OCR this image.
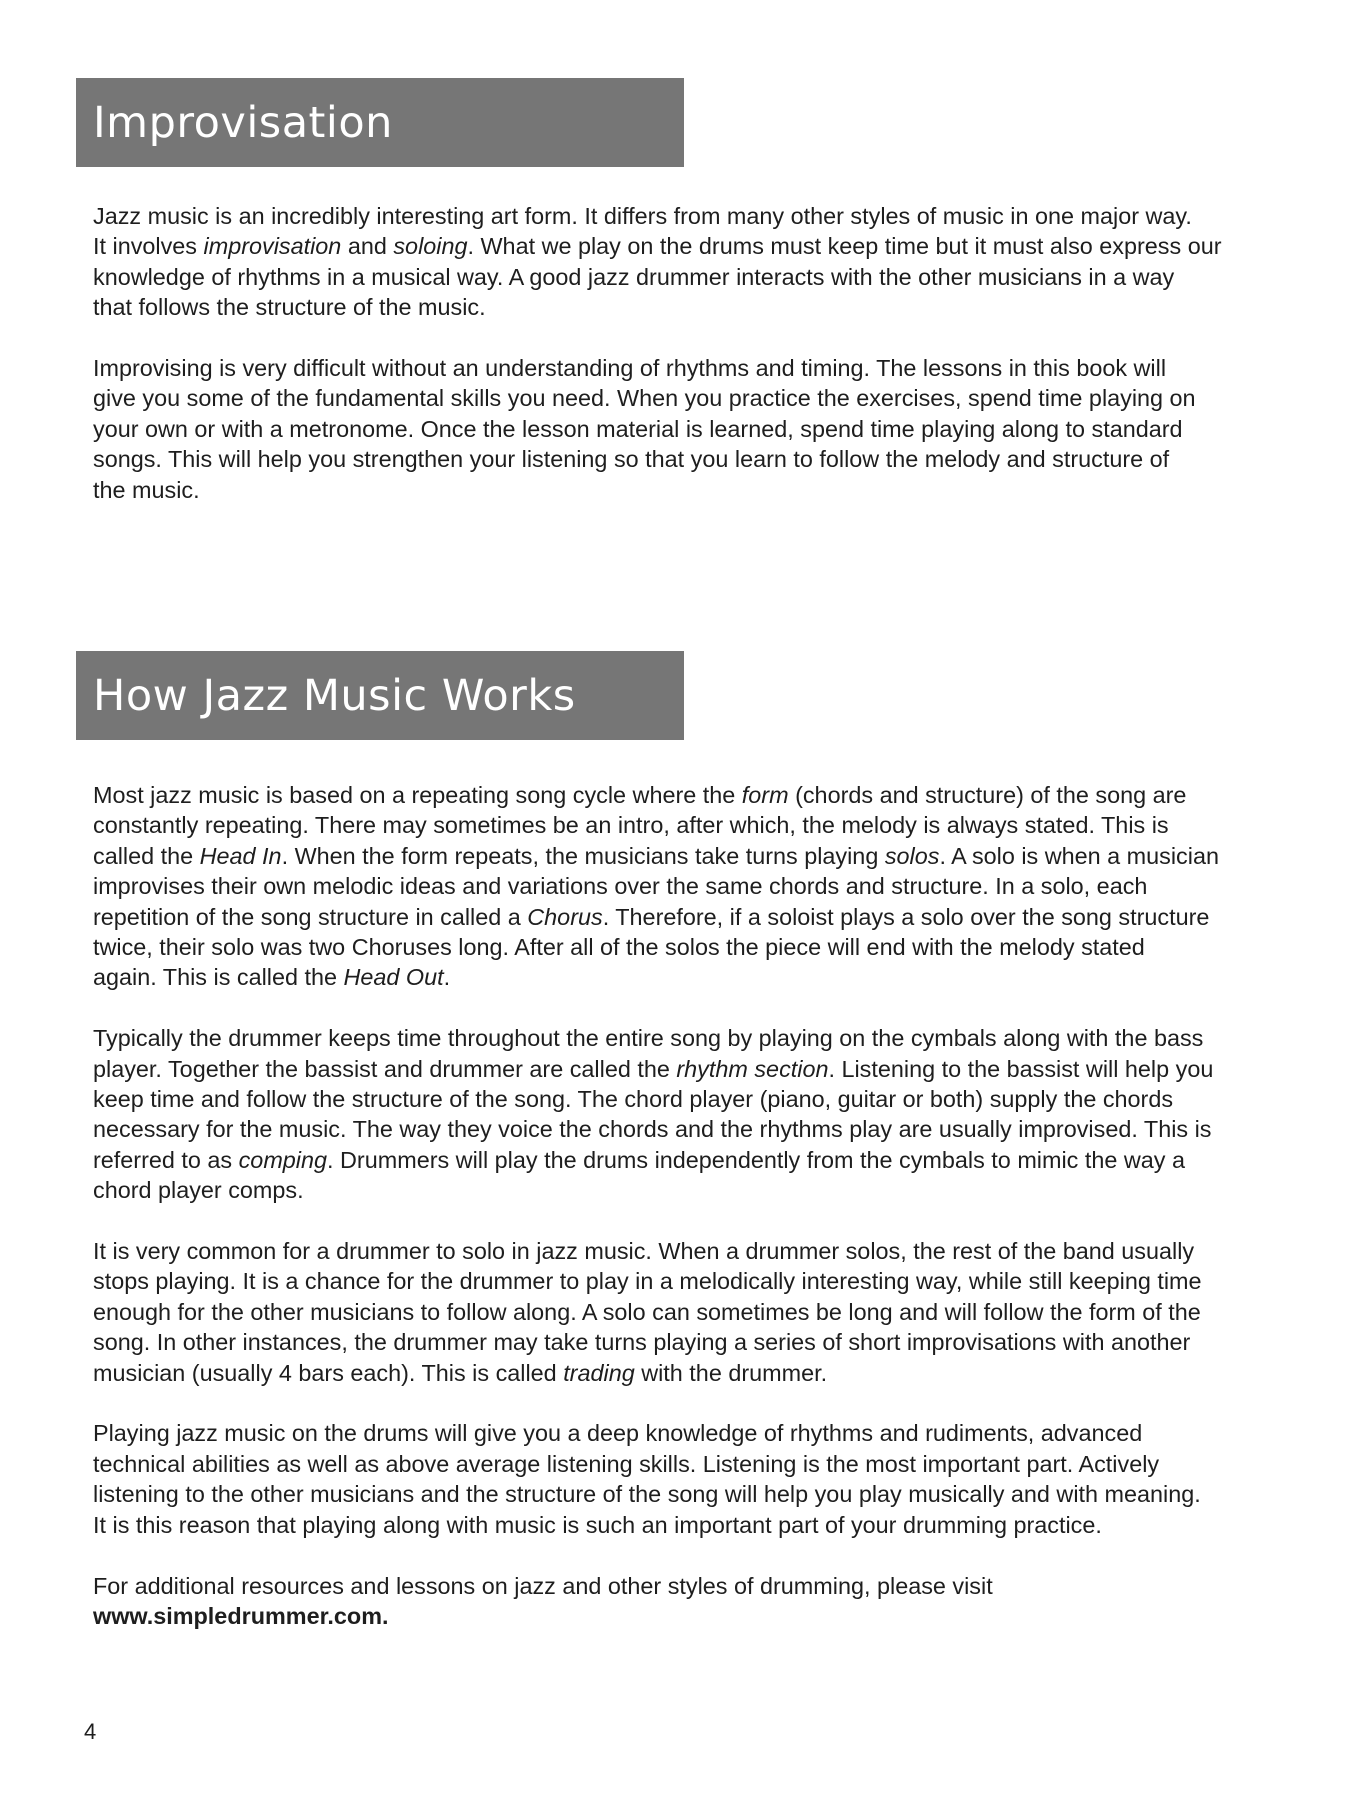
Improvisation

Jazz music is an incredibly interesting art form. It differs from many other styles of music in one major way.
It involves improvisation and soloing. What we play on the drums must keep time but it must also express our
knowledge of rhythms in a musical way. A good jazz drummer interacts with the other musicians in a way
that follows the structure of the music.

Improvising is very difficult without an understanding of rhythms and timing. The lessons in this book will
give you some of the fundamental skills you need. When you practice the exercises, spend time playing on
your own or with a metronome. Once the lesson material is learned, spend time playing along to standard
songs. This will help you strengthen your listening so that you learn to follow the melody and structure of
the music.

How Jazz Music Works

Most jazz music is based on a repeating song cycle where the form (chords and structure) of the song are
constantly repeating. There may sometimes be an intro, after which, the melody is always stated. This is
called the Head In. When the form repeats, the musicians take turns playing solos. A solo is when a musician
improvises their own melodic ideas and variations over the same chords and structure. In a solo, each
repetition of the song structure in called a Chorus. Therefore, if a soloist plays a solo over the song structure
twice, their solo was two Choruses long. After all of the solos the piece will end with the melody stated
again. This is called the Head Out.

Typically the drummer keeps time throughout the entire song by playing on the cymbals along with the bass
player. Together the bassist and drummer are called the rhythm section. Listening to the bassist will help you
keep time and follow the structure of the song. The chord player (piano, guitar or both) supply the chords
necessary for the music. The way they voice the chords and the rhythms play are usually improvised. This is
referred to as comping. Drummers will play the drums independently from the cymbals to mimic the way a
chord player comps.

It is very common for a drummer to solo in jazz music. When a drummer solos, the rest of the band usually
stops playing. It is a chance for the drummer to play in a melodically interesting way, while still keeping time
enough for the other musicians to follow along. A solo can sometimes be long and will follow the form of the
song. In other instances, the drummer may take turns playing a series of short improvisations with another
musician (usually 4 bars each). This is called trading with the drummer.

Playing jazz music on the drums will give you a deep knowledge of rhythms and rudiments, advanced
technical abilities as well as above average listening skills. Listening is the most important part. Actively
listening to the other musicians and the structure of the song will help you play musically and with meaning.
It is this reason that playing along with music is such an important part of your drumming practice.

For additional resources and lessons on jazz and other styles of drumming, please visit
www.simpledrummer.com.

4
